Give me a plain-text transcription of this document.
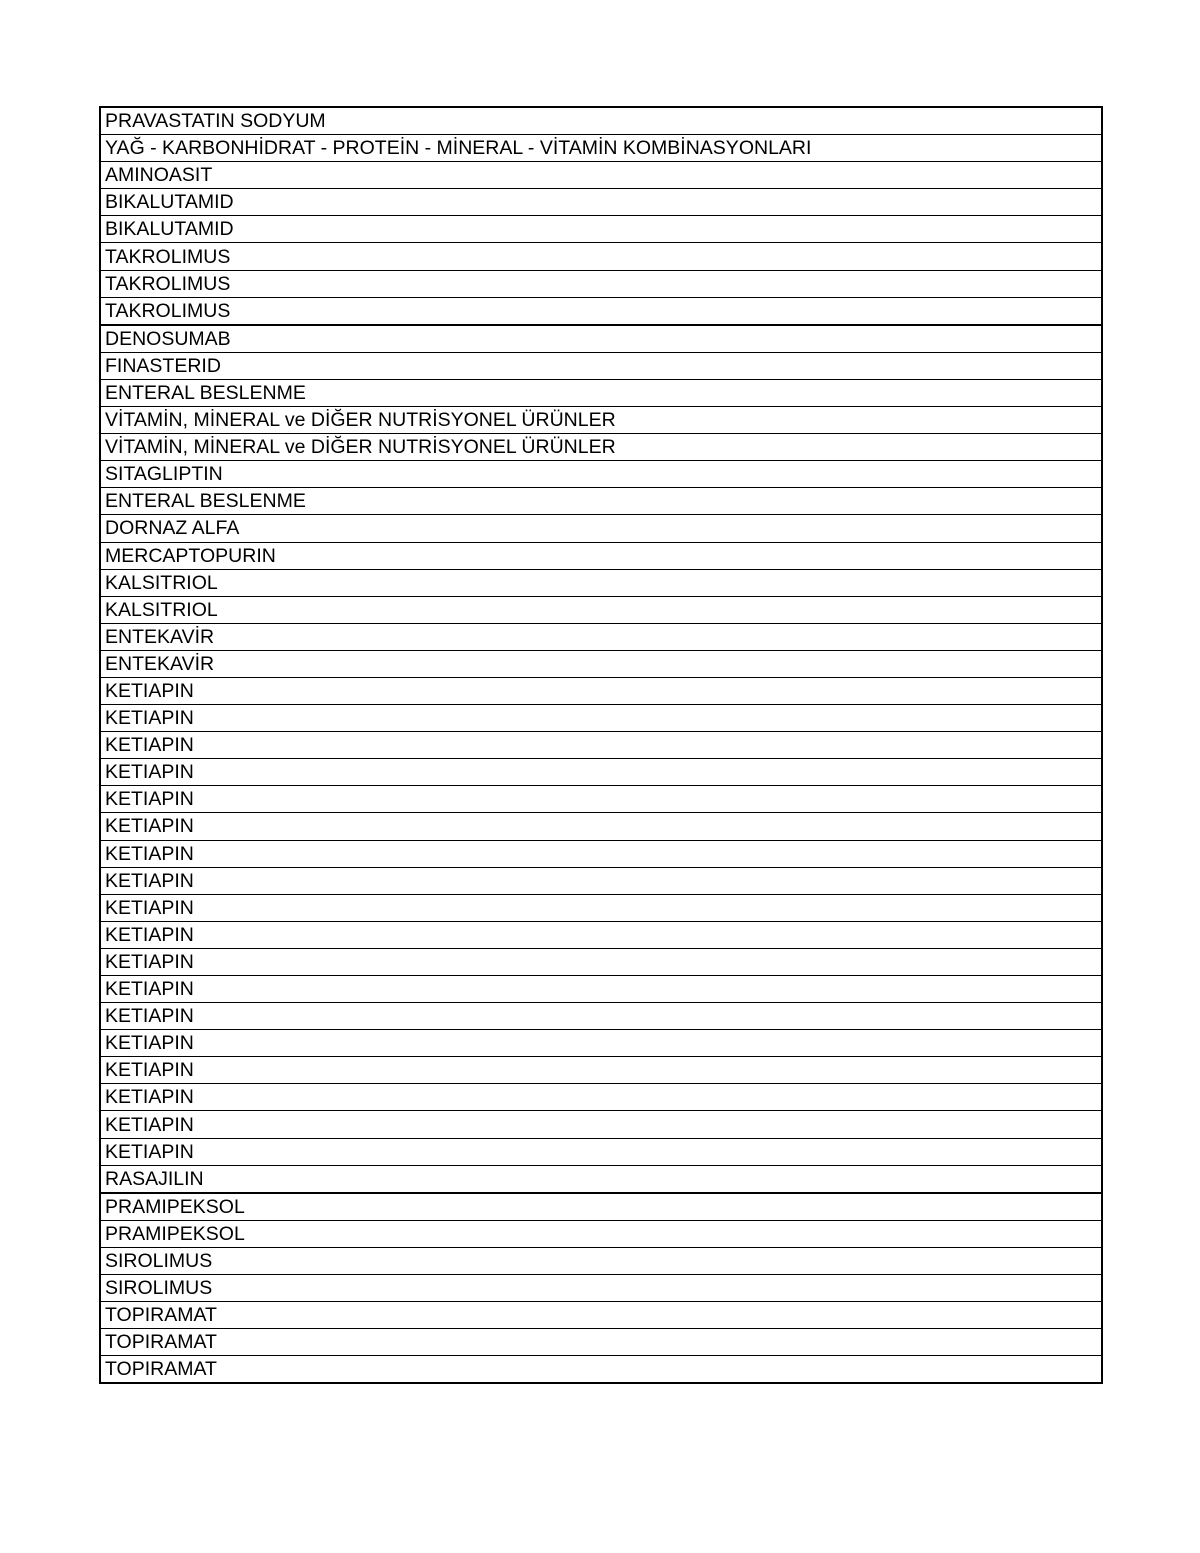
PRAVASTATIN SODYUM
YAĞ - KARBONHİDRAT - PROTEİN - MİNERAL - VİTAMİN KOMBİNASYONLARI
AMINOASIT
BIKALUTAMID
BIKALUTAMID
TAKROLIMUS
TAKROLIMUS
TAKROLIMUS
DENOSUMAB
FINASTERID
ENTERAL BESLENME
VİTAMİN, MİNERAL ve DİĞER NUTRİSYONEL ÜRÜNLER
VİTAMİN, MİNERAL ve DİĞER NUTRİSYONEL ÜRÜNLER
SITAGLIPTIN
ENTERAL BESLENME
DORNAZ ALFA
MERCAPTOPURIN
KALSITRIOL
KALSITRIOL
ENTEKAVİR
ENTEKAVİR
KETIAPIN
KETIAPIN
KETIAPIN
KETIAPIN
KETIAPIN
KETIAPIN
KETIAPIN
KETIAPIN
KETIAPIN
KETIAPIN
KETIAPIN
KETIAPIN
KETIAPIN
KETIAPIN
KETIAPIN
KETIAPIN
KETIAPIN
KETIAPIN
RASAJILIN
PRAMIPEKSOL
PRAMIPEKSOL
SIROLIMUS
SIROLIMUS
TOPIRAMAT
TOPIRAMAT
TOPIRAMAT
